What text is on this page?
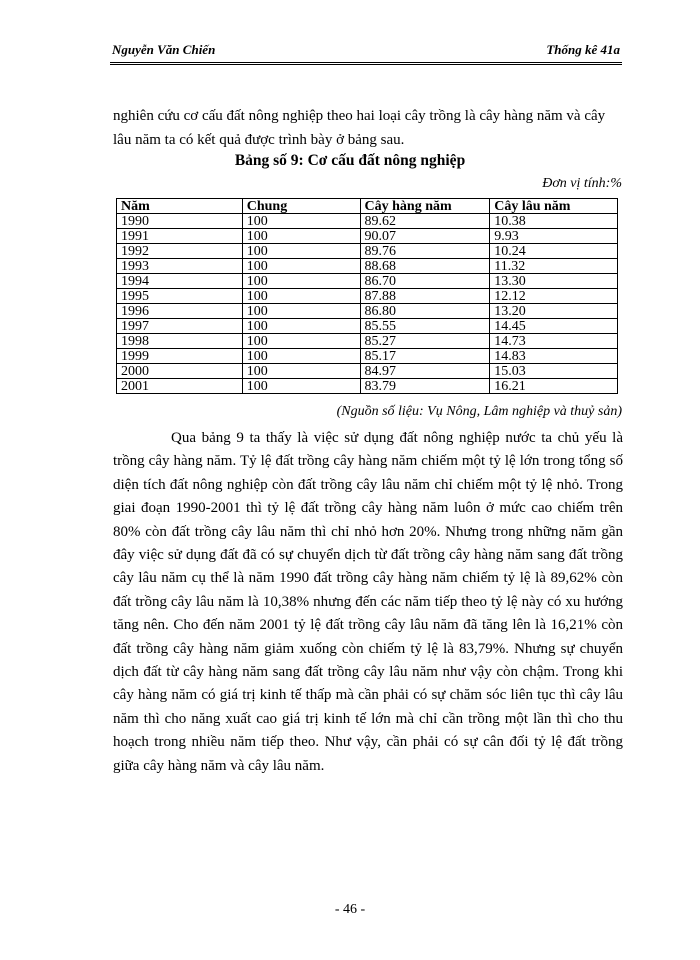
Nguyễn Văn Chiến	Thống kê 41a
nghiên cứu cơ cấu đất nông nghiệp theo hai loại cây trồng là cây hàng năm và cây lâu năm ta có kết quả được trình bày ở bảng sau.
Bảng số 9: Cơ cấu đất nông nghiệp
Đơn vị tính:%
Năm	Chung	Cây hàng năm	Cây lâu năm
1990	100	89.62	10.38
1991	100	90.07	9.93
1992	100	89.76	10.24
1993	100	88.68	11.32
1994	100	86.70	13.30
1995	100	87.88	12.12
1996	100	86.80	13.20
1997	100	85.55	14.45
1998	100	85.27	14.73
1999	100	85.17	14.83
2000	100	84.97	15.03
2001	100	83.79	16.21
(Nguồn số liệu: Vụ Nông, Lâm nghiệp và thuỷ sản)
Qua bảng 9 ta thấy là việc sử dụng đất nông nghiệp nước ta chủ yếu là trồng cây hàng năm. Tỷ lệ đất trồng cây hàng năm chiếm một tỷ lệ lớn trong tổng số diện tích đất nông nghiệp còn đất trồng cây lâu năm chỉ chiếm một tỷ lệ nhỏ. Trong giai đoạn 1990-2001 thì tỷ lệ đất trồng cây hàng năm luôn ở mức cao chiếm trên 80% còn đất trồng cây lâu năm thì chỉ nhỏ hơn 20%. Nhưng trong những năm gần đây việc sử dụng đất đã có sự chuyển dịch từ đất trồng cây hàng năm sang đất trồng cây lâu năm cụ thể là năm 1990 đất trồng cây hàng năm chiếm tỷ lệ là 89,62% còn đất trồng cây lâu năm là 10,38% nhưng đến các năm tiếp theo tỷ lệ này có xu hướng tăng nên. Cho đến năm 2001 tỷ lệ đất trồng cây lâu năm đã tăng lên là 16,21% còn đất trồng cây hàng năm giảm xuống còn chiếm tỷ lệ là 83,79%. Nhưng sự chuyển dịch đất từ cây hàng năm sang đất trồng cây lâu năm như vậy còn chậm. Trong khi cây hàng năm có giá trị kinh tế thấp mà cần phải có sự chăm sóc liên tục thì cây lâu năm thì cho năng xuất cao giá trị kinh tế lớn mà chỉ cần trồng một lần thì cho thu hoạch trong nhiều năm tiếp theo. Như vậy, cần phải có sự cân đối tỷ lệ đất trồng giữa cây hàng năm và cây lâu năm.
- 46 -
